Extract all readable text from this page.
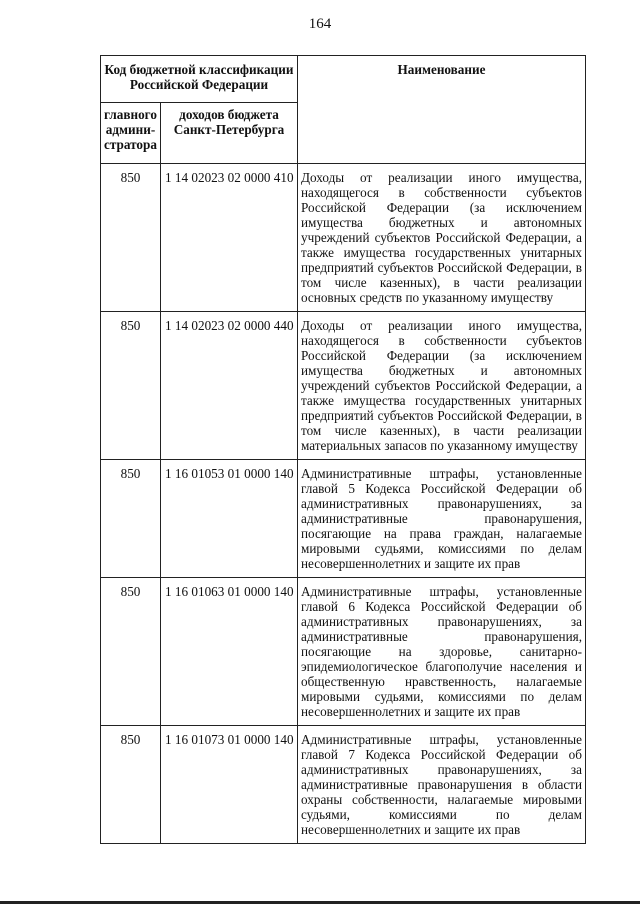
164
Код бюджетной классификации Российской Федерации		Наименование
главного админи-стратора	доходов бюджета Санкт-Петербурга	
850	1 14 02023 02 0000 410	Доходы от реализации иного имущества, находящегося в собственности субъектов Российской Федерации (за исключением имущества бюджетных и автономных учреждений субъектов Российской Федерации, а также имущества государственных унитарных предприятий субъектов Российской Федерации, в том числе казенных), в части реализации основных средств по указанному имуществу
850	1 14 02023 02 0000 440	Доходы от реализации иного имущества, находящегося в собственности субъектов Российской Федерации (за исключением имущества бюджетных и автономных учреждений субъектов Российской Федерации, а также имущества государственных унитарных предприятий субъектов Российской Федерации, в том числе казенных), в части реализации материальных запасов по указанному имуществу
850	1 16 01053 01 0000 140	Административные штрафы, установленные главой 5 Кодекса Российской Федерации об административных правонарушениях, за административные правонарушения, посягающие на права граждан, налагаемые мировыми судьями, комиссиями по делам несовершеннолетних и защите их прав
850	1 16 01063 01 0000 140	Административные штрафы, установленные главой 6 Кодекса Российской Федерации об административных правонарушениях, за административные правонарушения, посягающие на здоровье, санитарно-эпидемиологическое благополучие населения и общественную нравственность, налагаемые мировыми судьями, комиссиями по делам несовершеннолетних и защите их прав
850	1 16 01073 01 0000 140	Административные штрафы, установленные главой 7 Кодекса Российской Федерации об административных правонарушениях, за административные правонарушения в области охраны собственности, налагаемые мировыми судьями, комиссиями по делам несовершеннолетних и защите их прав
